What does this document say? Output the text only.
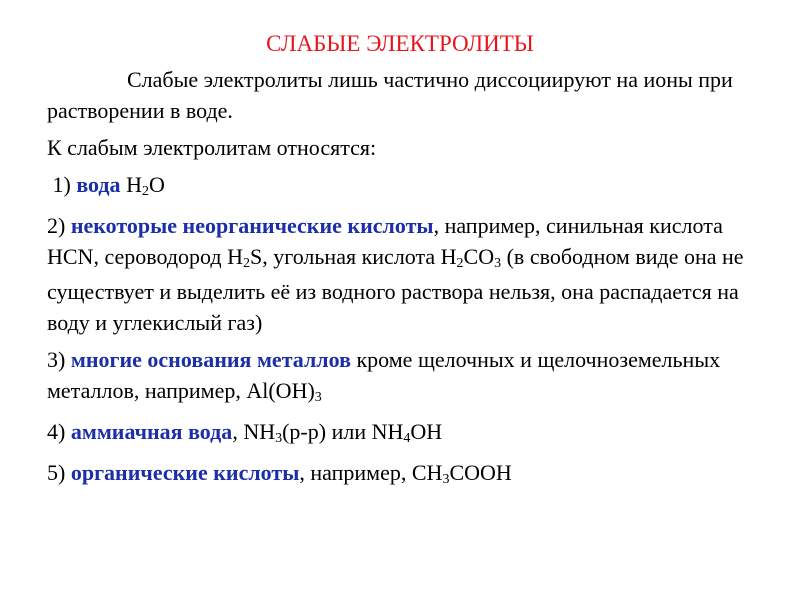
СЛАБЫЕ ЭЛЕКТРОЛИТЫ

Слабые электролиты лишь частично диссоциируют на ионы при растворении в воде.

К слабым электролитам относятся:

1) вода $H_2O$

2) некоторые неорганические кислоты, например, синильная кислота HCN, сероводород $H_2S$, угольная кислота $H_2CO_3$ (в свободном виде она не существует и выделить её из водного раствора нельзя, она распадается на воду и углекислый газ)

3) многие основания металлов кроме щелочных и щелочноземельных металлов, например, $Al(OH)_3$

4) аммиачная вода, $NH_3(р-р)$ или $NH_4OH$

5) органические кислоты, например, $CH_3COOH$
